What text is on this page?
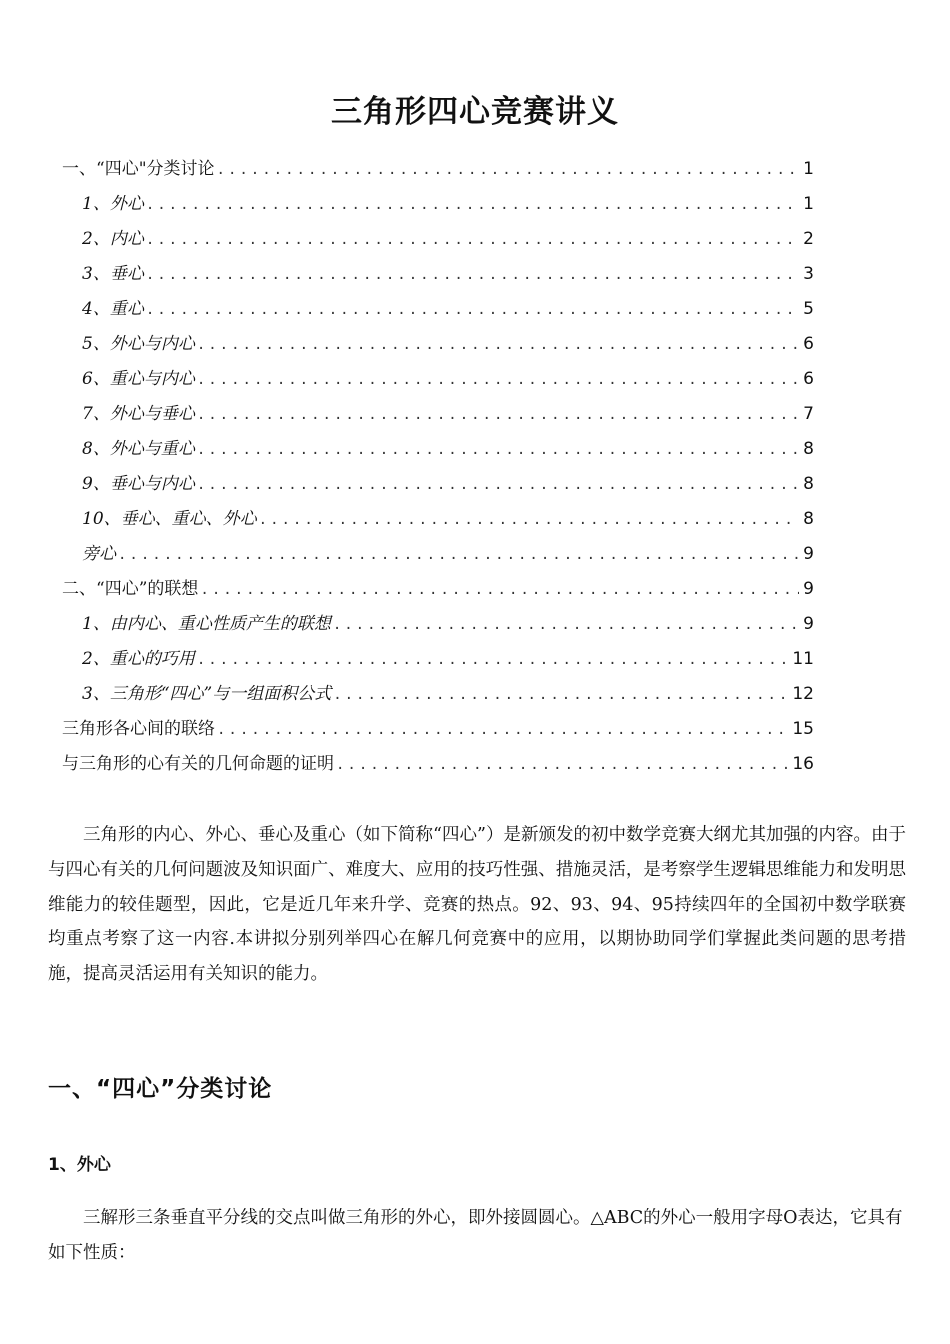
三角形四心竞赛讲义
一、“四心"分类讨论 .....	1
1、外心 .....	1
2、内心 .....	2
3、垂心 .....	3
4、重心 .....	5
5、外心与内心 .....	6
6、重心与内心 .....	6
7、外心与垂心 .....	7
8、外心与重心 .....	8
9、垂心与内心 .....	8
10、垂心、重心、外心 .....	8
旁心 .....	9
二、“四心”的联想 .....	9
1、由内心、重心性质产生的联想 .....	9
2、重心的巧用 .....	11
3、三角形“四心”与一组面积公式 .....	12
三角形各心间的联络 .....	15
与三角形的心有关的几何命题的证明 .....	16

三角形的内心、外心、垂心及重心（如下简称“四心”）是新颁发的初中数学竞赛大纲尤其加强的内容。由于与四心有关的几何问题波及知识面广、难度大、应用的技巧性强、措施灵活，是考察学生逻辑思维能力和发明思维能力的较佳题型，因此，它是近几年来升学、竞赛的热点。92、93、94、95持续四年的全国初中数学联赛均重点考察了这一内容.本讲拟分别列举四心在解几何竞赛中的应用，以期协助同学们掌握此类问题的思考措施，提高灵活运用有关知识的能力。

一、“四心”分类讨论
1、外心

三解形三条垂直平分线的交点叫做三角形的外心，即外接圆圆心。△ABC的外心一般用字母O表达，它具有如下性质：
